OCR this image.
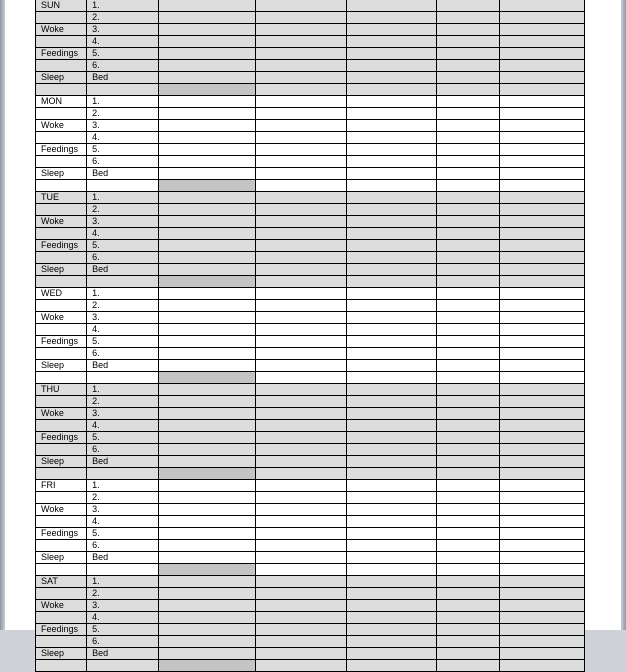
SUN	1.					
	2.					
Woke	3.					
	4.					
Feedings	5.					
	6.					
Sleep	Bed					

MON	1.					
	2.					
Woke	3.					
	4.					
Feedings	5.					
	6.					
Sleep	Bed					

TUE	1.					
	2.					
Woke	3.					
	4.					
Feedings	5.					
	6.					
Sleep	Bed					

WED	1.					
	2.					
Woke	3.					
	4.					
Feedings	5.					
	6.					
Sleep	Bed					

THU	1.					
	2.					
Woke	3.					
	4.					
Feedings	5.					
	6.					
Sleep	Bed					

FRI	1.					
	2.					
Woke	3.					
	4.					
Feedings	5.					
	6.					
Sleep	Bed					

SAT	1.					
	2.					
Woke	3.					
	4.					
Feedings	5.					
	6.					
Sleep	Bed					
